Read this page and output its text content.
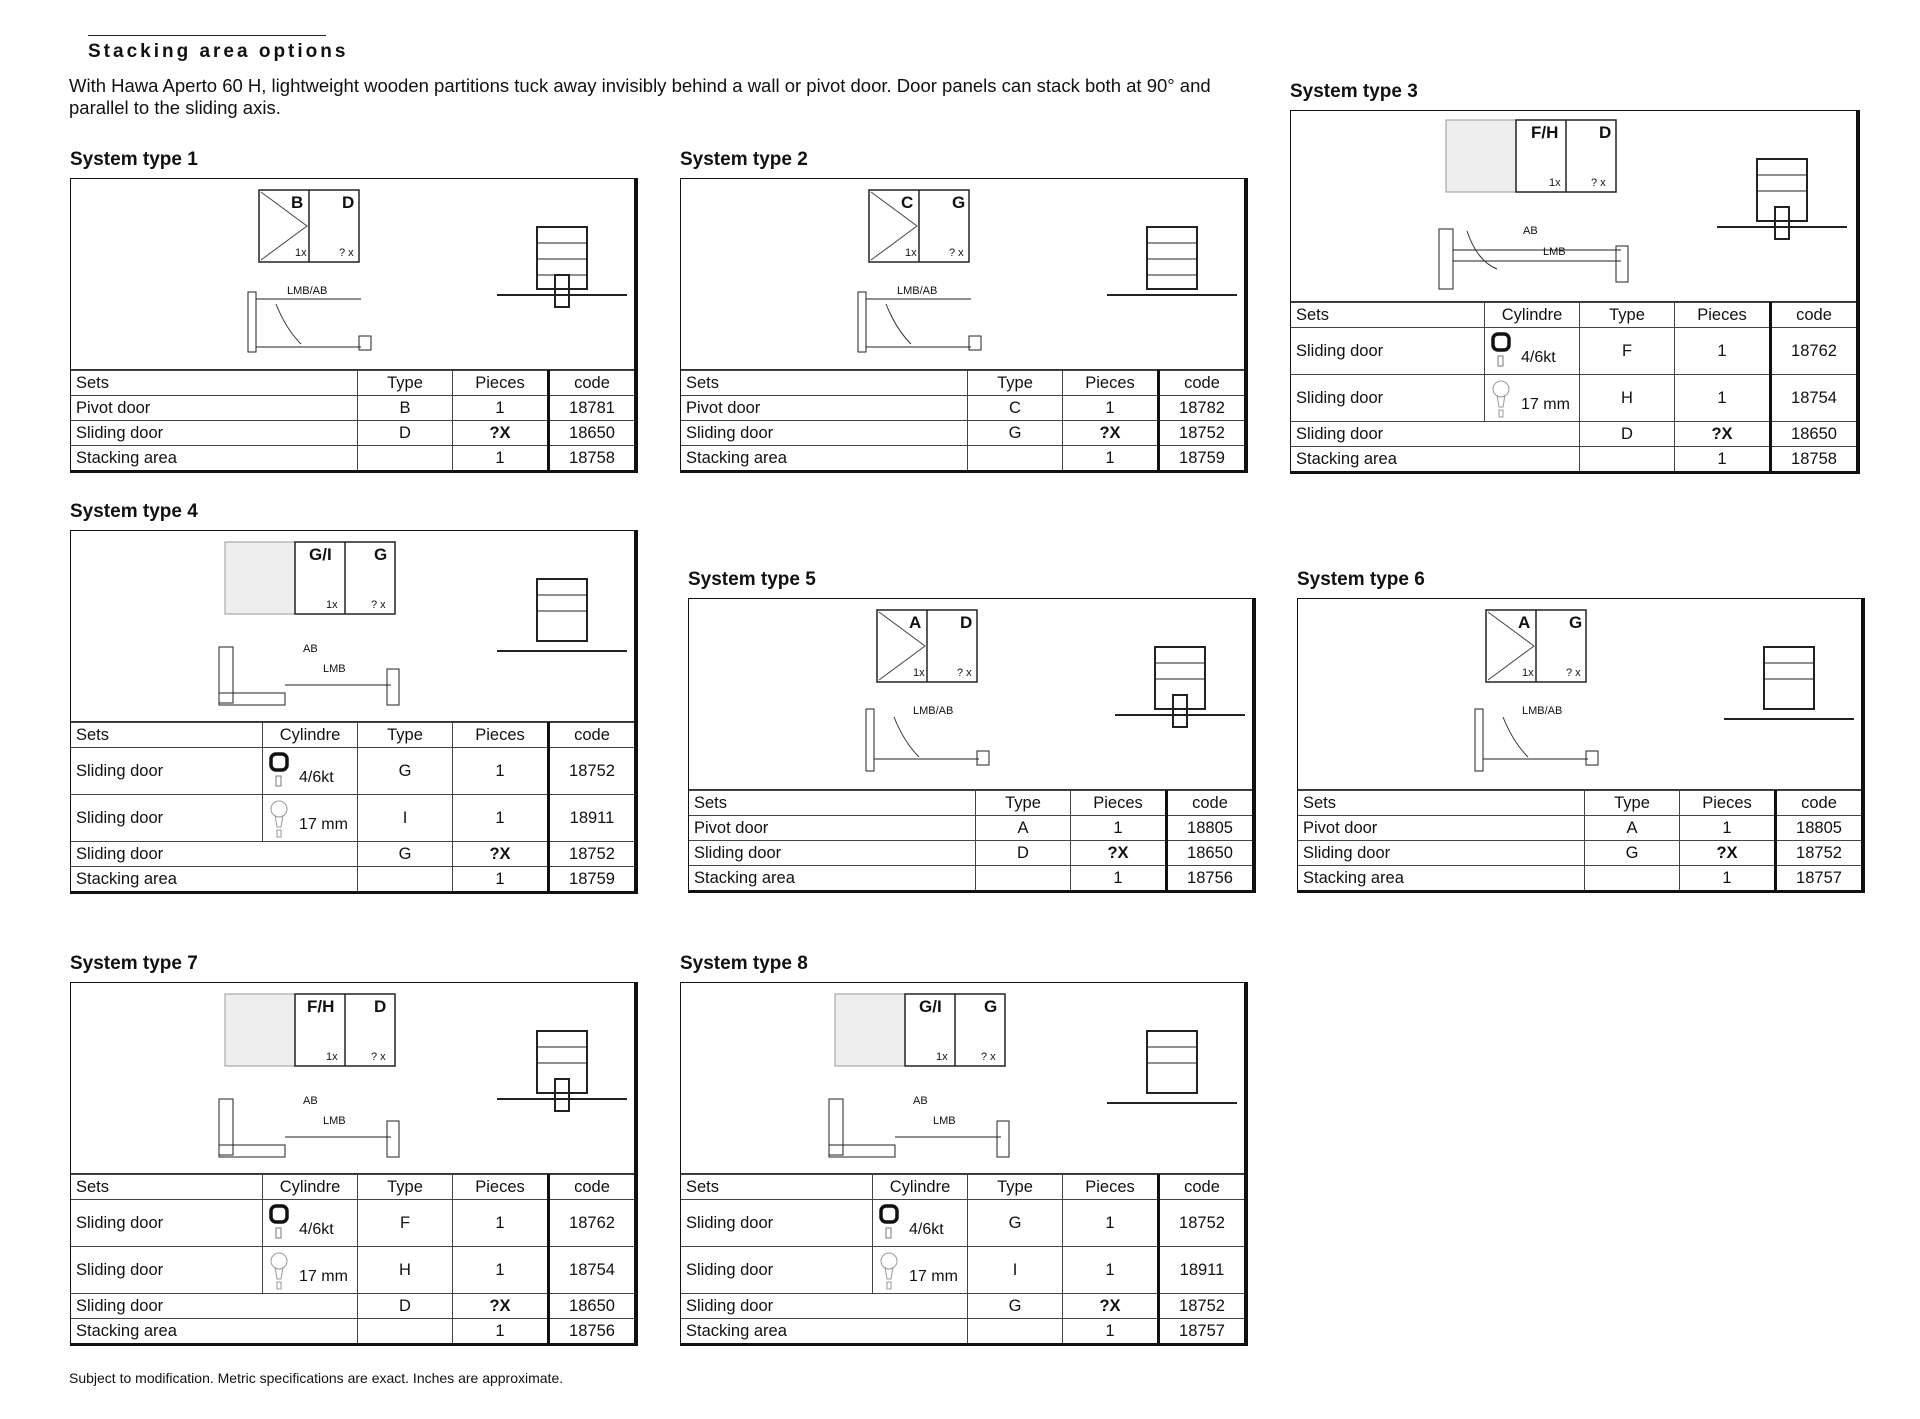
Stacking area options
With Hawa Aperto 60 H, lightweight wooden partitions tuck away invisibly behind a wall or pivot door. Door panels can stack both at 90° and parallel to the sliding axis.
System type 1
B D
1x	? x
LMB/AB
Sets	Type	Pieces	code
Pivot door	B	1	18781
Sliding door	D	?X	18650
Stacking area		1	18758
System type 2
C G
1x	? x
LMB/AB
Sets	Type	Pieces	code
Pivot door	C	1	18782
Sliding door	G	?X	18752
Stacking area		1	18759
System type 3
F/H D
1x	? x
AB
LMB
Sets	Cylindre	Type	Pieces	code
Sliding door	4/6kt	F	1	18762
Sliding door	17 mm	H	1	18754
Sliding door		D	?X	18650
Stacking area			1	18758
System type 4
G/I G
1x	? x
AB
LMB
Sets	Cylindre	Type	Pieces	code
Sliding door	4/6kt	G	1	18752
Sliding door	17 mm	I	1	18911
Sliding door		G	?X	18752
Stacking area			1	18759
System type 5
A D
1x	? x
LMB/AB
Sets	Type	Pieces	code
Pivot door	A	1	18805
Sliding door	D	?X	18650
Stacking area		1	18756
System type 6
A G
1x	? x
LMB/AB
Sets	Type	Pieces	code
Pivot door	A	1	18805
Sliding door	G	?X	18752
Stacking area		1	18757
System type 7
F/H D
1x	? x
AB
LMB
Sets	Cylindre	Type	Pieces	code
Sliding door	4/6kt	F	1	18762
Sliding door	17 mm	H	1	18754
Sliding door		D	?X	18650
Stacking area			1	18756
System type 8
G/I G
1x	? x
AB
LMB
Sets	Cylindre	Type	Pieces	code
Sliding door	4/6kt	G	1	18752
Sliding door	17 mm	I	1	18911
Sliding door		G	?X	18752
Stacking area			1	18757
Subject to modification. Metric specifications are exact. Inches are approximate.
